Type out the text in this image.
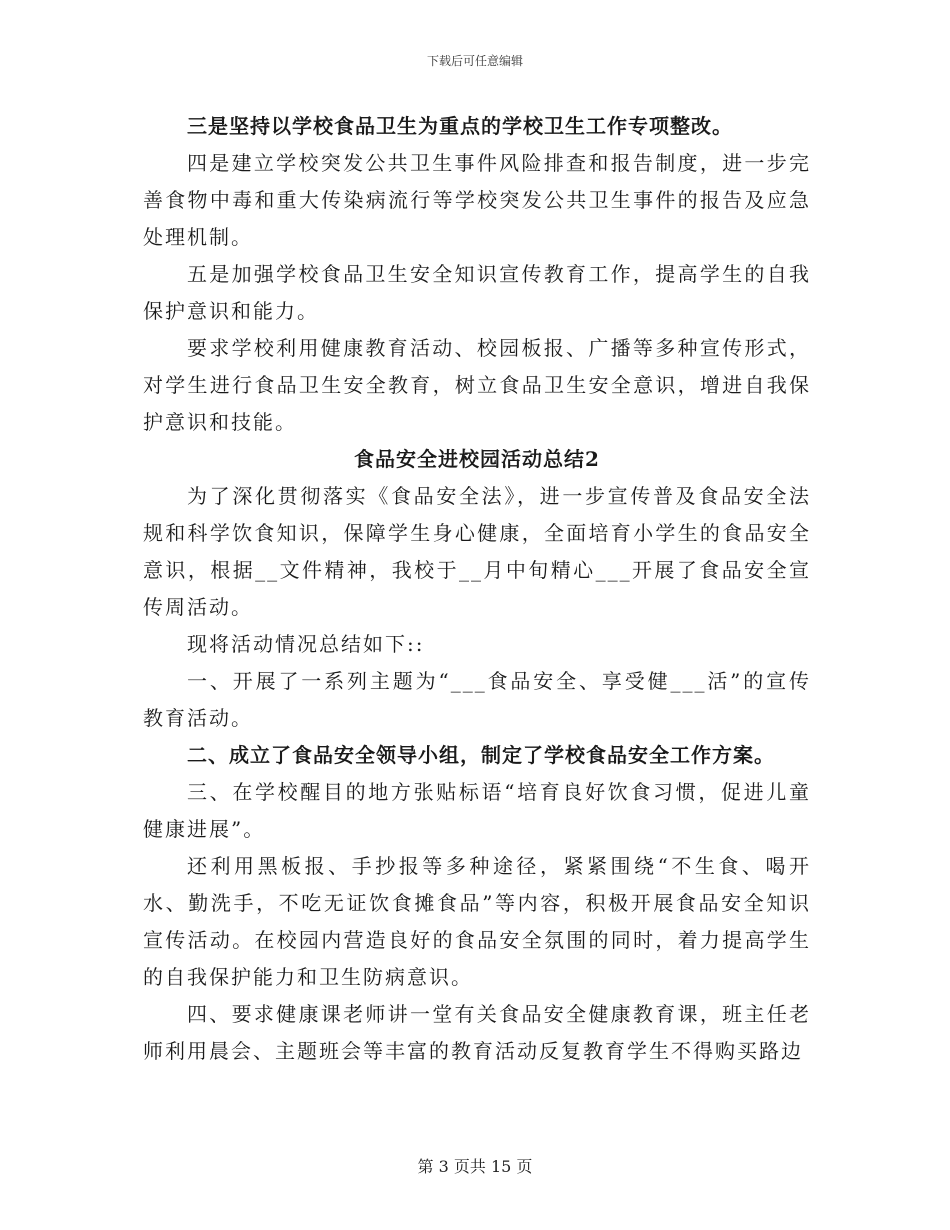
下载后可任意编辑

三是坚持以学校食品卫生为重点的学校卫生工作专项整改。

四是建立学校突发公共卫生事件风险排查和报告制度，进一步完善食物中毒和重大传染病流行等学校突发公共卫生事件的报告及应急处理机制。

五是加强学校食品卫生安全知识宣传教育工作，提高学生的自我保护意识和能力。

要求学校利用健康教育活动、校园板报、广播等多种宣传形式，对学生进行食品卫生安全教育，树立食品卫生安全意识，增进自我保护意识和技能。

食品安全进校园活动总结2

为了深化贯彻落实《食品安全法》，进一步宣传普及食品安全法规和科学饮食知识，保障学生身心健康，全面培育小学生的食品安全意识，根据__文件精神，我校于__月中旬精心___开展了食品安全宣传周活动。

现将活动情况总结如下::

一、开展了一系列主题为“___食品安全、享受健___活”的宣传教育活动。

二、成立了食品安全领导小组，制定了学校食品安全工作方案。

三、在学校醒目的地方张贴标语“培育良好饮食习惯，促进儿童健康进展”。

还利用黑板报、手抄报等多种途径，紧紧围绕“不生食、喝开水、勤洗手，不吃无证饮食摊食品”等内容，积极开展食品安全知识宣传活动。在校园内营造良好的食品安全氛围的同时，着力提高学生的自我保护能力和卫生防病意识。

四、要求健康课老师讲一堂有关食品安全健康教育课，班主任老师利用晨会、主题班会等丰富的教育活动反复教育学生不得购买路边

第 3 页共 15 页
